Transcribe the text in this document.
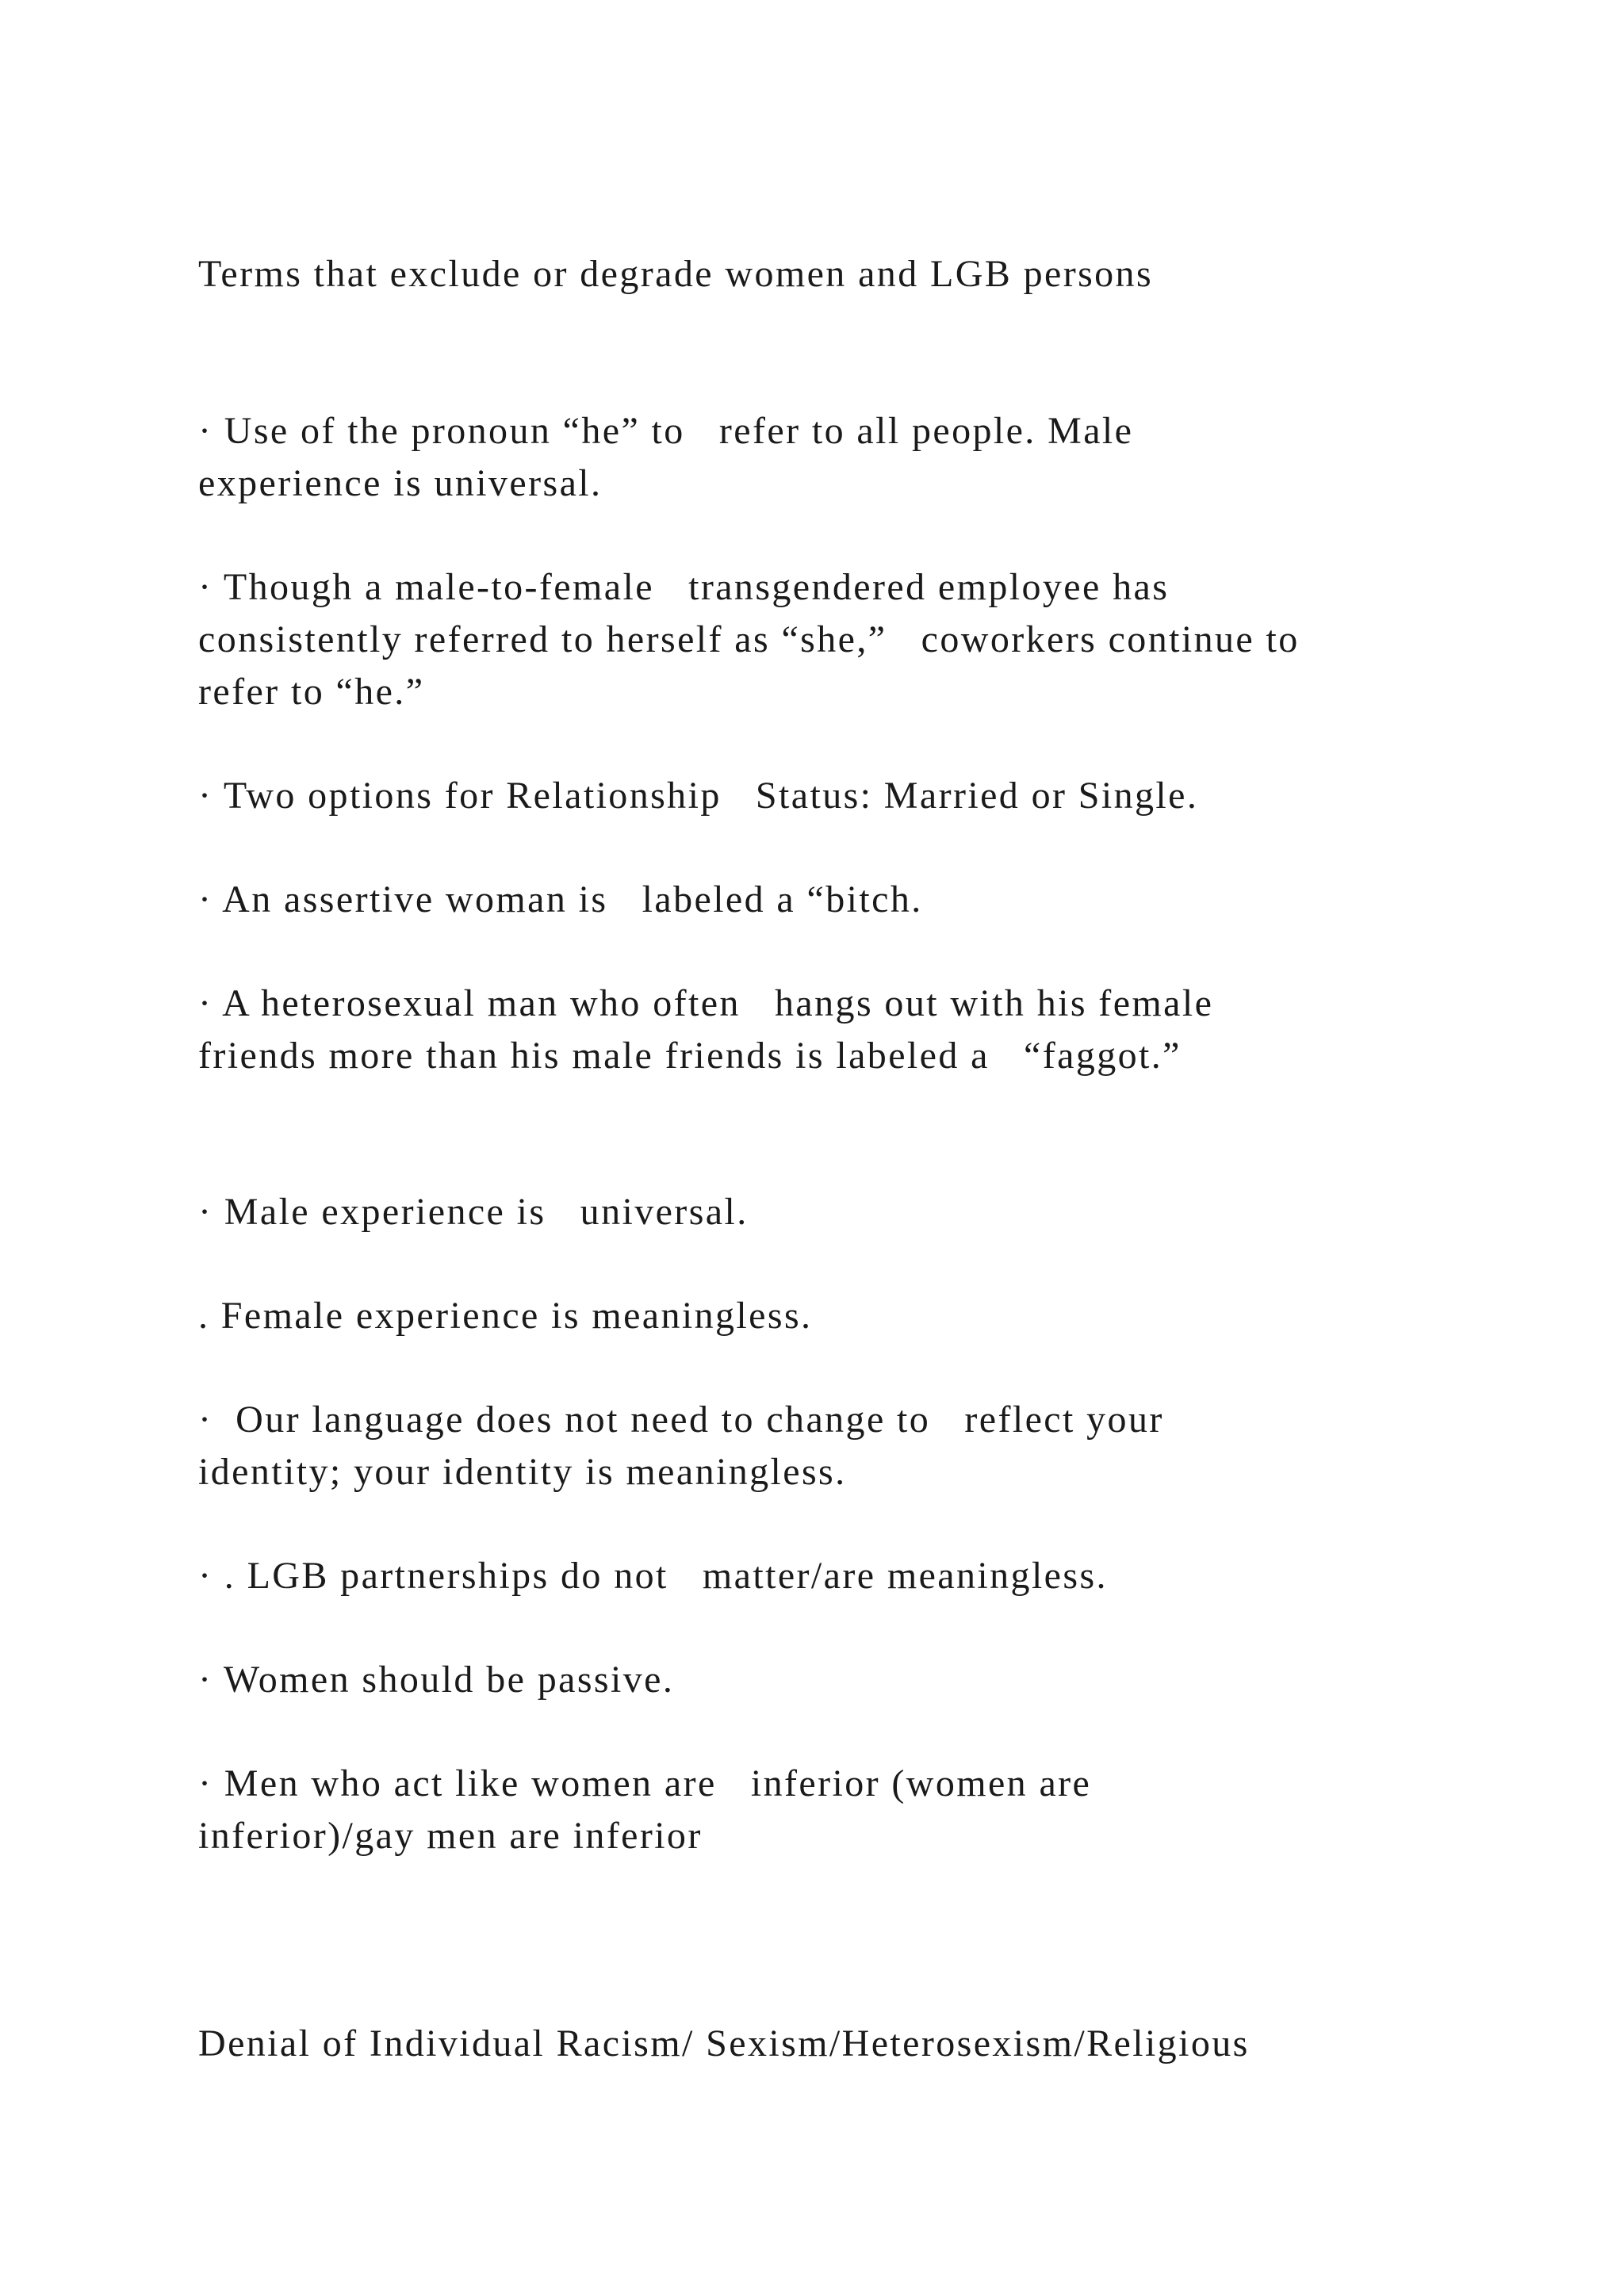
Terms that exclude or degrade women and LGB persons
· Use of the pronoun “he” to   refer to all people. Male
experience is universal.
· Though a male-to-female   transgendered employee has
consistently referred to herself as “she,”   coworkers continue to
refer to “he.”
· Two options for Relationship   Status: Married or Single.
· An assertive woman is   labeled a “bitch.
· A heterosexual man who often   hangs out with his female
friends more than his male friends is labeled a   “faggot.”
· Male experience is   universal.
. Female experience is meaningless.
·  Our language does not need to change to   reflect your
identity; your identity is meaningless.
· . LGB partnerships do not   matter/are meaningless.
· Women should be passive.
· Men who act like women are   inferior (women are
inferior)/gay men are inferior
Denial of Individual Racism/ Sexism/Heterosexism/Religious
